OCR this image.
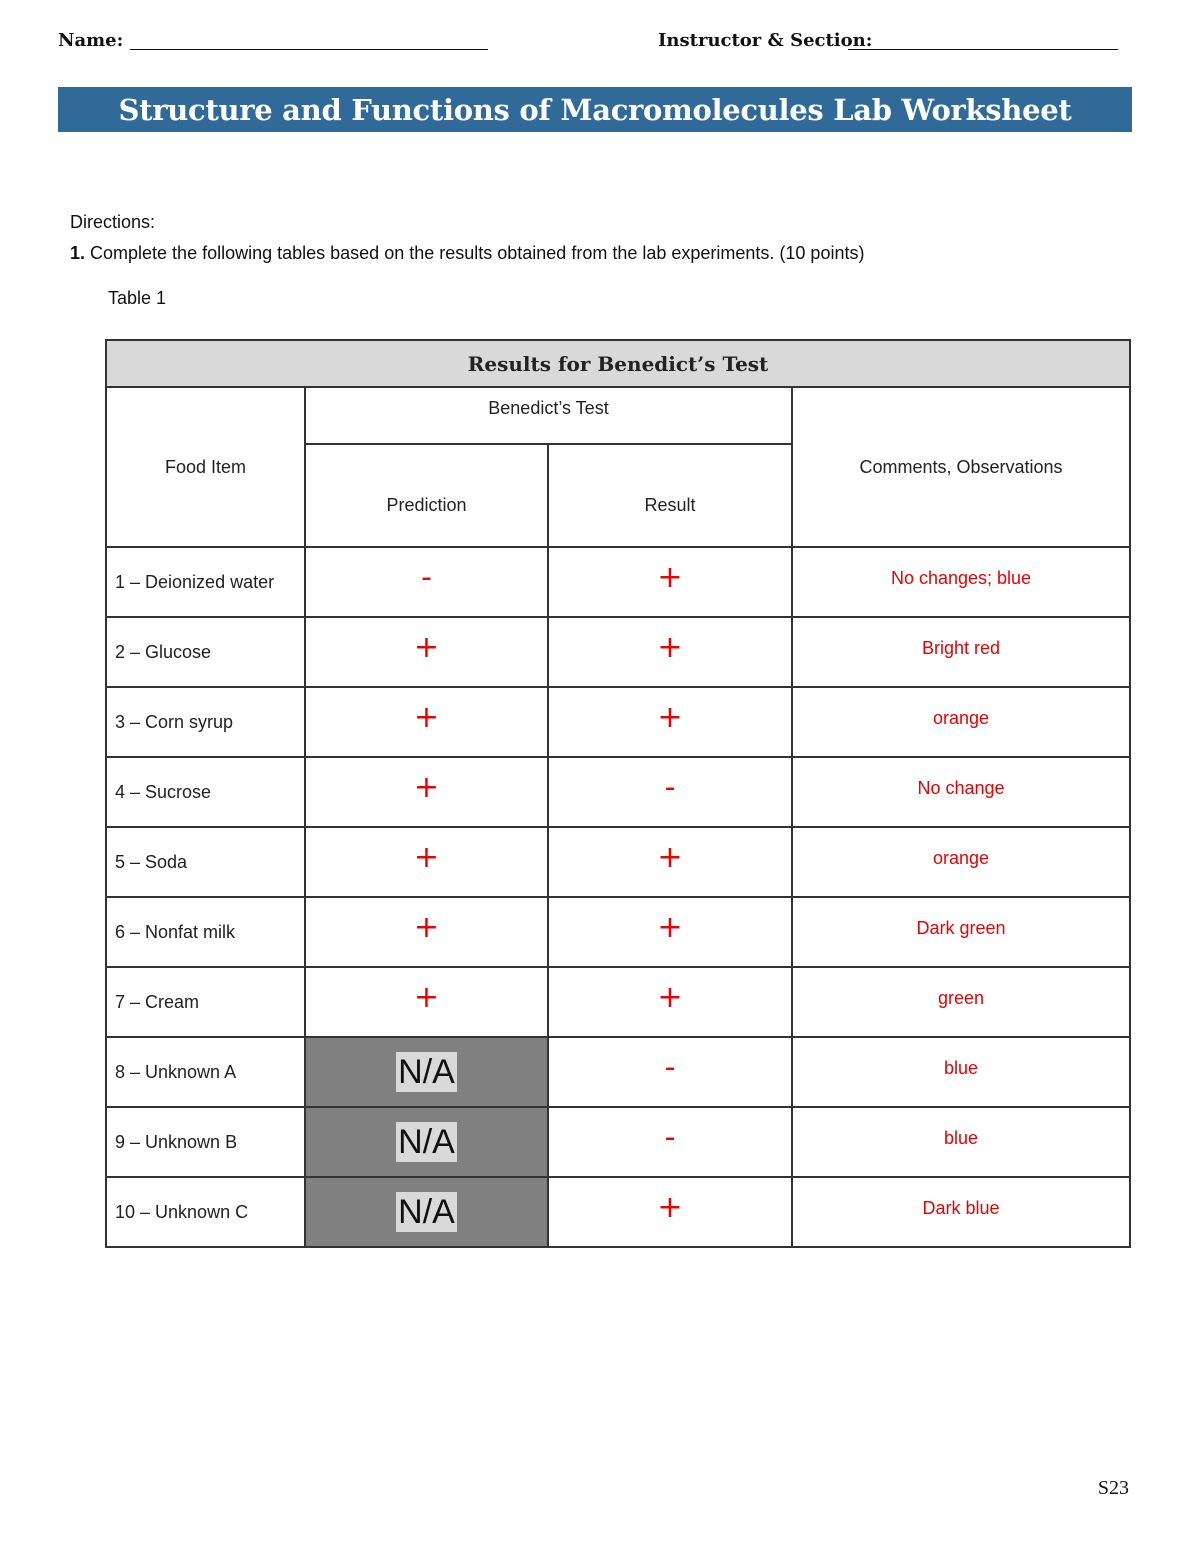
Name:	Instructor & Section:
Structure and Functions of Macromolecules Lab Worksheet
Directions:
1. Complete the following tables based on the results obtained from the lab experiments. (10 points)
Table 1
Results for Benedict’s Test			
Food Item	Benedict’s Test		Comments, Observations
	Prediction	Result	
1 – Deionized water	-	+	No changes; blue
2 – Glucose	+	+	Bright red
3 – Corn syrup	+	+	orange
4 – Sucrose	+	-	No change
5 – Soda	+	+	orange
6 – Nonfat milk	+	+	Dark green
7 – Cream	+	+	green
8 – Unknown A	N/A	-	blue
9 – Unknown B	N/A	-	blue
10 – Unknown C	N/A	+	Dark blue
S23
